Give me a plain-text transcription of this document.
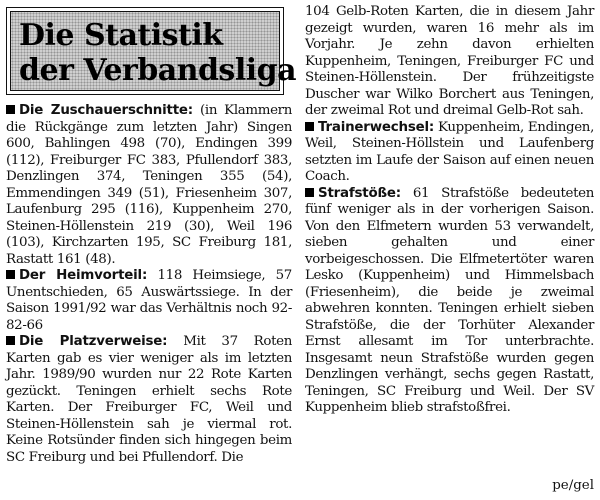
Die Statistik
der Verbandsliga

Die Zuschauerschnitte: (in Klammern die Rückgänge zum letzten Jahr) Singen 600, Bahlingen 498 (70), Endingen 399 (112), Freiburger FC 383, Pfullendorf 383, Denzlingen 374, Teningen 355 (54), Emmendingen 349 (51), Friesenheim 307, Laufenburg 295 (116), Kuppenheim 270, Steinen-Höllenstein 219 (30), Weil 196 (103), Kirchzarten 195, SC Freiburg 181, Rastatt 161 (48).

Der Heimvorteil: 118 Heimsiege, 57 Unentschieden, 65 Auswärtssiege. In der Saison 1991/92 war das Verhältnis noch 92-82-66

Die Platzverweise: Mit 37 Roten Karten gab es vier weniger als im letzten Jahr. 1989/90 wurden nur 22 Rote Karten gezückt. Teningen erhielt sechs Rote Karten. Der Freiburger FC, Weil und Steinen-Höllenstein sah je viermal rot. Keine Rotsünder finden sich hingegen beim SC Freiburg und bei Pfullendorf. Die

104 Gelb-Roten Karten, die in diesem Jahr gezeigt wurden, waren 16 mehr als im Vorjahr. Je zehn davon erhielten Kuppenheim, Teningen, Freiburger FC und Steinen-Höllenstein. Der frühzeitigste Duscher war Wilko Borchert aus Teningen, der zweimal Rot und dreimal Gelb-Rot sah.

Trainerwechsel: Kuppenheim, Endingen, Weil, Steinen-Höllstein und Laufenberg setzten im Laufe der Saison auf einen neuen Coach.

Strafstöße: 61 Strafstöße bedeuteten fünf weniger als in der vorherigen Saison. Von den Elfmetern wurden 53 verwandelt, sieben gehalten und einer vorbeigeschossen. Die Elfmetertöter waren Lesko (Kuppenheim) und Himmelsbach (Friesenheim), die beide je zweimal abwehren konnten. Teningen erhielt sieben Strafstöße, die der Torhüter Alexander Ernst allesamt im Tor unterbrachte. Insgesamt neun Strafstöße wurden gegen Denzlingen verhängt, sechs gegen Rastatt, Teningen, SC Freiburg und Weil. Der SV Kuppenheim blieb strafstoßfrei.

pe/gel
